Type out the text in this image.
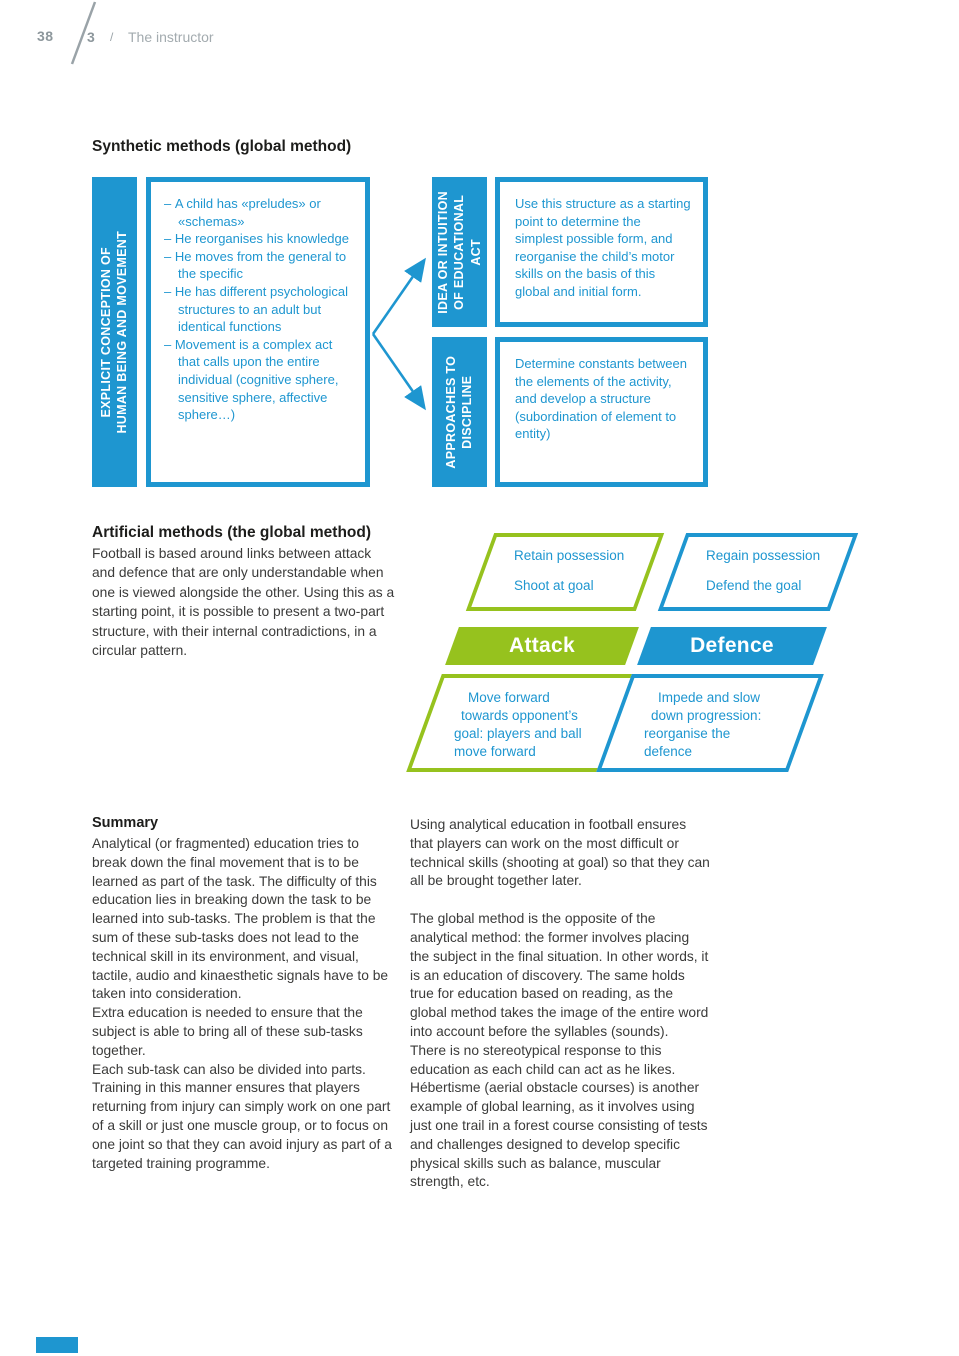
38 3 / The instructor
Synthetic methods (global method)
EXPLICIT CONCEPTION OF HUMAN BEING AND MOVEMENT
– A child has «preludes» or «schemas»
– He reorganises his knowledge
– He moves from the general to the specific
– He has different psychological structures to an adult but identical functions
– Movement is a complex act that calls upon the entire individual (cognitive sphere, sensitive sphere, affective sphere…)
IDEA OR INTUITION OF EDUCATIONAL ACT
Use this structure as a starting point to determine the simplest possible form, and reorganise the child’s motor skills on the basis of this global and initial form.
APPROACHES TO DISCIPLINE
Determine constants between the elements of the activity, and develop a structure (subordination of element to entity)
Artificial methods (the global method)
Football is based around links between attack and defence that are only understandable when one is viewed alongside the other. Using this as a starting point, it is possible to present a two-part structure, with their internal contradictions, in a circular pattern.
Retain possession
Shoot at goal
Regain possession
Defend the goal
Attack	Defence
Move forward
towards opponent’s
goal: players and ball
move forward
Impede and slow
down progression:
reorganise the
defence
Summary
Analytical (or fragmented) education tries to break down the final movement that is to be learned as part of the task. The difficulty of this education lies in breaking down the task to be learned into sub-tasks. The problem is that the sum of these sub-tasks does not lead to the technical skill in its environment, and visual, tactile, audio and kinaesthetic signals have to be taken into consideration.
Extra education is needed to ensure that the subject is able to bring all of these sub-tasks together.
Each sub-task can also be divided into parts.
Training in this manner ensures that players returning from injury can simply work on one part of a skill or just one muscle group, or to focus on one joint so that they can avoid injury as part of a targeted training programme.
Using analytical education in football ensures that players can work on the most difficult or technical skills (shooting at goal) so that they can all be brought together later.
The global method is the opposite of the analytical method: the former involves placing the subject in the final situation. In other words, it is an education of discovery. The same holds true for education based on reading, as the global method takes the image of the entire word into account before the syllables (sounds).
There is no stereotypical response to this education as each child can act as he likes.
Hébertisme (aerial obstacle courses) is another example of global learning, as it involves using just one trail in a forest course consisting of tests and challenges designed to develop specific physical skills such as balance, muscular strength, etc.
